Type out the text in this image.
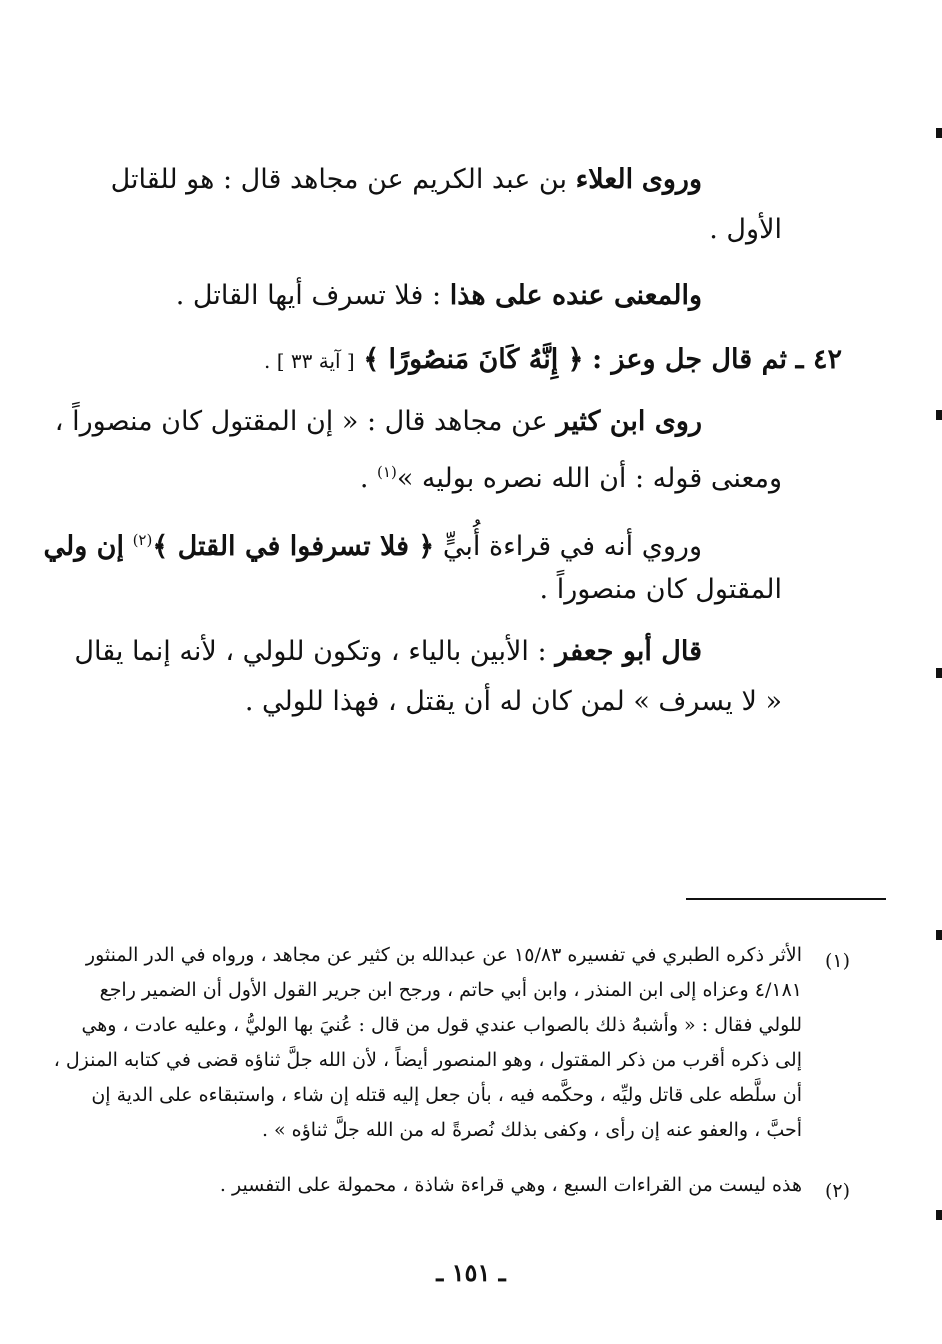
وروى العلاء بن عبد الكريم عن مجاهد قال : هو للقاتل
الأول .
والمعنى عنده على هذا : فلا تسرف أيها القاتل .
٤٢ ـ ثم قال جل وعز : ﴿ إِنَّهُ كَانَ مَنصُورًا ﴾ [ آية ٣٣ ] .
روى ابن كثير عن مجاهد قال : « إن المقتول كان منصوراً ،
ومعنى قوله : أن الله نصره بوليه »$^{(١)}$ .
وروي أنه في قراءة أُبيٍّ ﴿ فلا تسرفوا في القتل ﴾$^{(٢)}$ إن ولي
المقتول كان منصوراً .
قال أبو جعفر : الأبين بالياء ، وتكون للولي ، لأنه إنما يقال
« لا يسرف » لمن كان له أن يقتل ، فهذا للولي .
(١)
الأثر ذكره الطبري في تفسيره ١٥/٨٣ عن عبدالله بن كثير عن مجاهد ، ورواه في الدر المنثور
٤/١٨١ وعزاه إلى ابن المنذر ، وابن أبي حاتم ، ورجح ابن جرير القول الأول أن الضمير راجع
للولي فقال : « وأشبهُ ذلك بالصواب عندي قول من قال : عُنيَ بها الوليُّ ، وعليه عادت ، وهي
إلى ذكره أقرب من ذكر المقتول ، وهو المنصور أيضاً ، لأن الله جلَّ ثناؤه قضى في كتابه المنزل ،
أن سلَّطه على قاتل وليِّه ، وحكَّمه فيه ، بأن جعل إليه قتله إن شاء ، واستبقاءه على الدية إن
أحبَّ ، والعفو عنه إن رأى ، وكفى بذلك نُصرةً له من الله جلَّ ثناؤه » .
(٢)
هذه ليست من القراءات السبع ، وهي قراءة شاذة ، محمولة على التفسير .
ـ ١٥١ ـ
